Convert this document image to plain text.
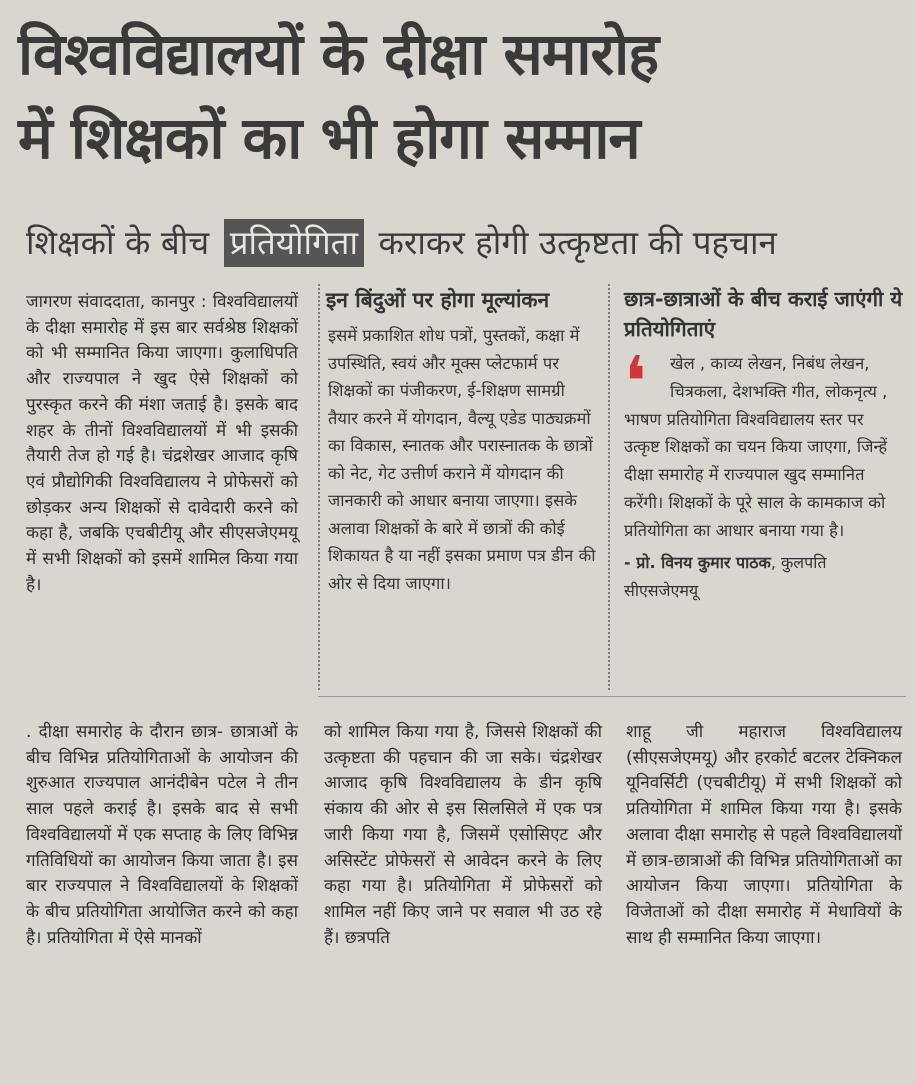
विश्वविद्यालयों के दीक्षा समारोह
में शिक्षकों का भी होगा सम्मान
शिक्षकों के बीच प्रतियोगिता कराकर होगी उत्कृष्टता की पहचान

जागरण संवाददाता, कानपुर : विश्वविद्यालयों के दीक्षा समारोह में इस बार सर्वश्रेष्ठ शिक्षकों को भी सम्मानित किया जाएगा। कुलाधिपति और राज्यपाल ने खुद ऐसे शिक्षकों को पुरस्कृत करने की मंशा जताई है। इसके बाद शहर के तीनों विश्वविद्यालयों में भी इसकी तैयारी तेज हो गई है। चंद्रशेखर आजाद कृषि एवं प्रौद्योगिकी विश्वविद्यालय ने प्रोफेसरों को छोड़कर अन्य शिक्षकों से दावेदारी करने को कहा है, जबकि एचबीटीयू और सीएसजेएमयू में सभी शिक्षकों को इसमें शामिल किया गया है।

इन बिंदुओं पर होगा मूल्यांकन
इसमें प्रकाशित शोध पत्रों, पुस्तकों, कक्षा में उपस्थिति, स्वयं और मूक्स प्लेटफार्म पर शिक्षकों का पंजीकरण, ई-शिक्षण सामग्री तैयार करने में योगदान, वैल्यू एडेड पाठ्यक्रमों का विकास, स्नातक और परास्नातक के छात्रों को नेट, गेट उत्तीर्ण कराने में योगदान की जानकारी को आधार बनाया जाएगा। इसके अलावा शिक्षकों के बारे में छात्रों की कोई शिकायत है या नहीं इसका प्रमाण पत्र डीन की ओर से दिया जाएगा।
छात्र-छात्राओं के बीच कराई जाएंगी ये प्रतियोगिताएं
❛	खेल , काव्य लेखन, निबंध लेखन, चित्रकला, देशभक्ति गीत, लोकनृत्य , भाषण प्रतियोगिता विश्वविद्यालय स्तर पर उत्कृष्ट शिक्षकों का चयन किया जाएगा, जिन्हें दीक्षा समारोह में राज्यपाल खुद सम्मानित करेंगी। शिक्षकों के पूरे साल के कामकाज को प्रतियोगिता का आधार बनाया गया है।
- प्रो. विनय कुमार पाठक, कुलपति
सीएसजेएमयू

. दीक्षा समारोह के दौरान छात्र- छात्राओं के बीच विभिन्न प्रतियोगिताओं के आयोजन की शुरुआत राज्यपाल आनंदीबेन पटेल ने तीन साल पहले कराई है। इसके बाद से सभी विश्वविद्यालयों में एक सप्ताह के लिए विभिन्न गतिविधियों का आयोजन किया जाता है। इस बार राज्यपाल ने विश्वविद्यालयों के शिक्षकों के बीच प्रतियोगिता आयोजित करने को कहा है। प्रतियोगिता में ऐसे मानकों

को शामिल किया गया है, जिससे शिक्षकों की उत्कृष्टता की पहचान की जा सके। चंद्रशेखर आजाद कृषि विश्वविद्यालय के डीन कृषि संकाय की ओर से इस सिलसिले में एक पत्र जारी किया गया है, जिसमें एसोसिएट और असिस्टेंट प्रोफेसरों से आवेदन करने के लिए कहा गया है। प्रतियोगिता में प्रोफेसरों को शामिल नहीं किए जाने पर सवाल भी उठ रहे हैं। छत्रपति

शाहू जी महाराज विश्वविद्यालय (सीएसजेएमयू) और हरकोर्ट बटलर टेक्निकल यूनिवर्सिटी (एचबीटीयू) में सभी शिक्षकों को प्रतियोगिता में शामिल किया गया है। इसके अलावा दीक्षा समारोह से पहले विश्वविद्यालयों में छात्र-छात्राओं की विभिन्न प्रतियोगिताओं का आयोजन किया जाएगा। प्रतियोगिता के विजेताओं को दीक्षा समारोह में मेधावियों के साथ ही सम्मानित किया जाएगा।
